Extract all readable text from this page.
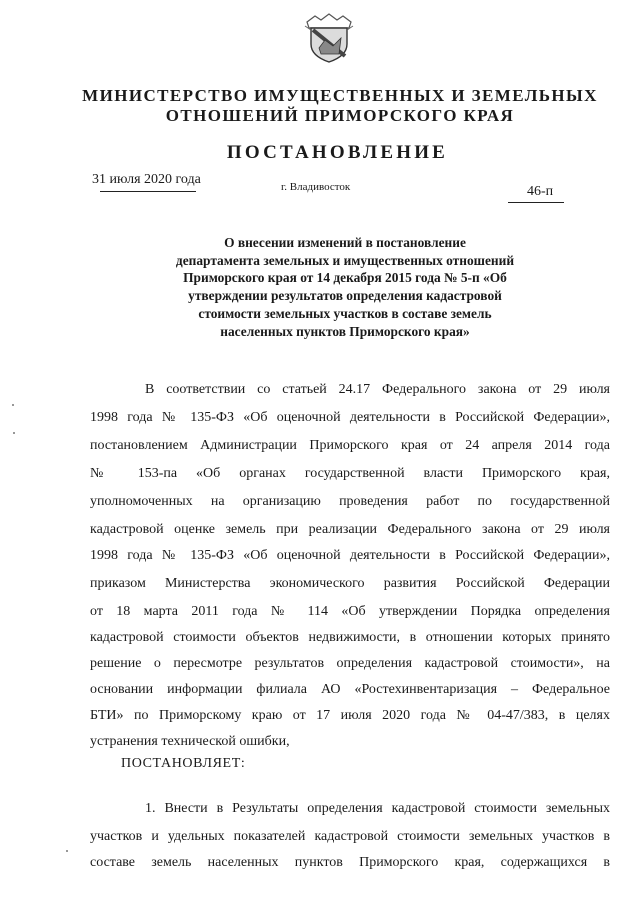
МИНИСТЕРСТВО ИМУЩЕСТВЕННЫХ И ЗЕМЕЛЬНЫХ
ОТНОШЕНИЙ ПРИМОРСКОГО КРАЯ
ПОСТАНОВЛЕНИЕ
31 июля 2020 года	г. Владивосток	46-п
О внесении изменений в постановление
департамента земельных и имущественных отношений
Приморского края от 14 декабря 2015 года № 5-п «Об
утверждении результатов определения кадастровой
стоимости земельных участков в составе земель
населенных пунктов Приморского края»
В соответствии со статьей 24.17 Федерального закона от 29 июля
1998 года № 135-ФЗ «Об оценочной деятельности в Российской Федерации»,
постановлением Администрации Приморского края от 24 апреля 2014 года
№ 153-па «Об органах государственной власти Приморского края,
уполномоченных на организацию проведения работ по государственной
кадастровой оценке земель при реализации Федерального закона от 29 июля
1998 года № 135-ФЗ «Об оценочной деятельности в Российской Федерации»,
приказом Министерства экономического развития Российской Федерации
от 18 марта 2011 года № 114 «Об утверждении Порядка определения
кадастровой стоимости объектов недвижимости, в отношении которых принято
решение о пересмотре результатов определения кадастровой стоимости», на
основании информации филиала АО «Ростехинвентаризация – Федеральное
БТИ» по Приморскому краю от 17 июля 2020 года № 04-47/383, в целях
устранения технической ошибки,
ПОСТАНОВЛЯЕТ:
1. Внести в Результаты определения кадастровой стоимости земельных
участков и удельных показателей кадастровой стоимости земельных участков в
составе земель населенных пунктов Приморского края, содержащихся в
